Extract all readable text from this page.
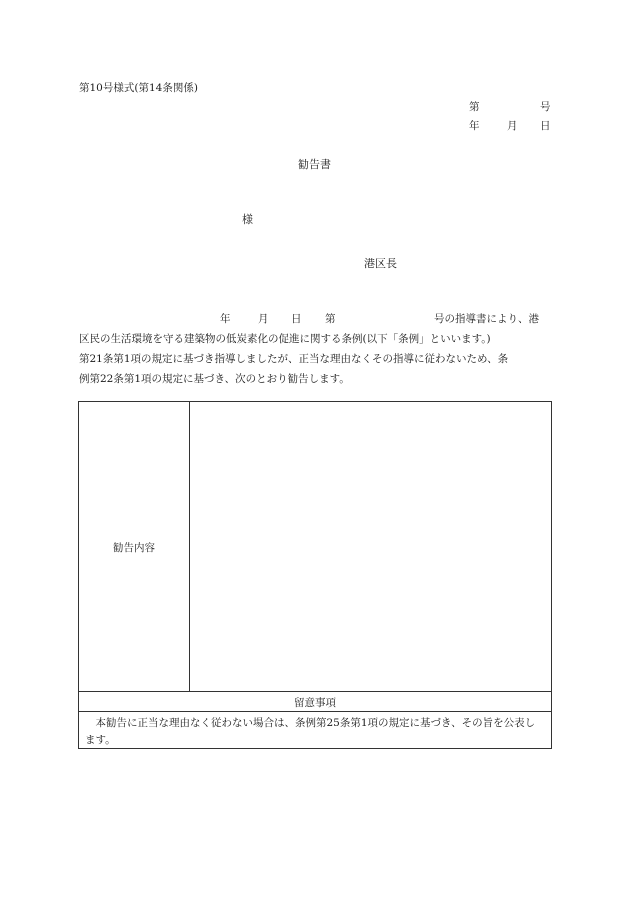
第10号様式(第14条関係)
第	号
年	月 日
勧告書
様
港区長
年	月 日 第	号の指導書により、港
区民の生活環境を守る建築物の低炭素化の促進に関する条例(以下「条例」といいます。)
第21条第1項の規定に基づき指導しましたが、正当な理由なくその指導に従わないため、条
例第22条第1項の規定に基づき、次のとおり勧告します。
勧告内容
留意事項
　本勧告に正当な理由なく従わない場合は、条例第25条第1項の規定に基づき、その旨を公表します。
